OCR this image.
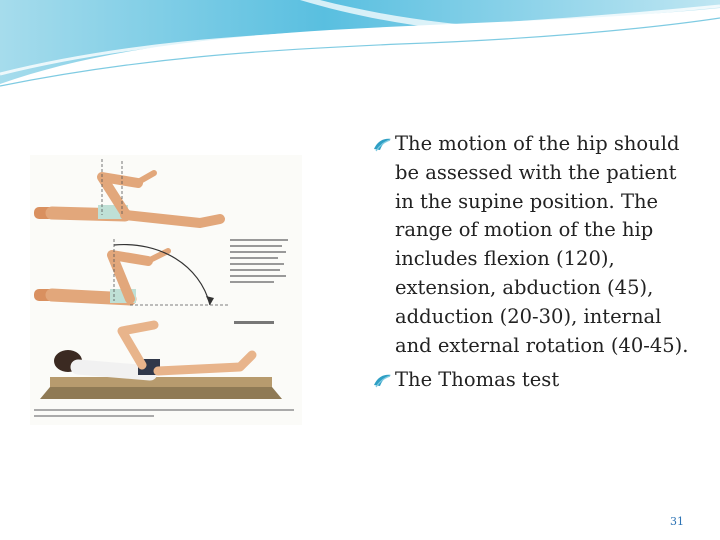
The motion of the hip should be assessed with the patient in the supine position. The range of motion of the hip includes flexion (120), extension, abduction (45), adduction (20-30), internal and external rotation (40-45).
The Thomas test
31
